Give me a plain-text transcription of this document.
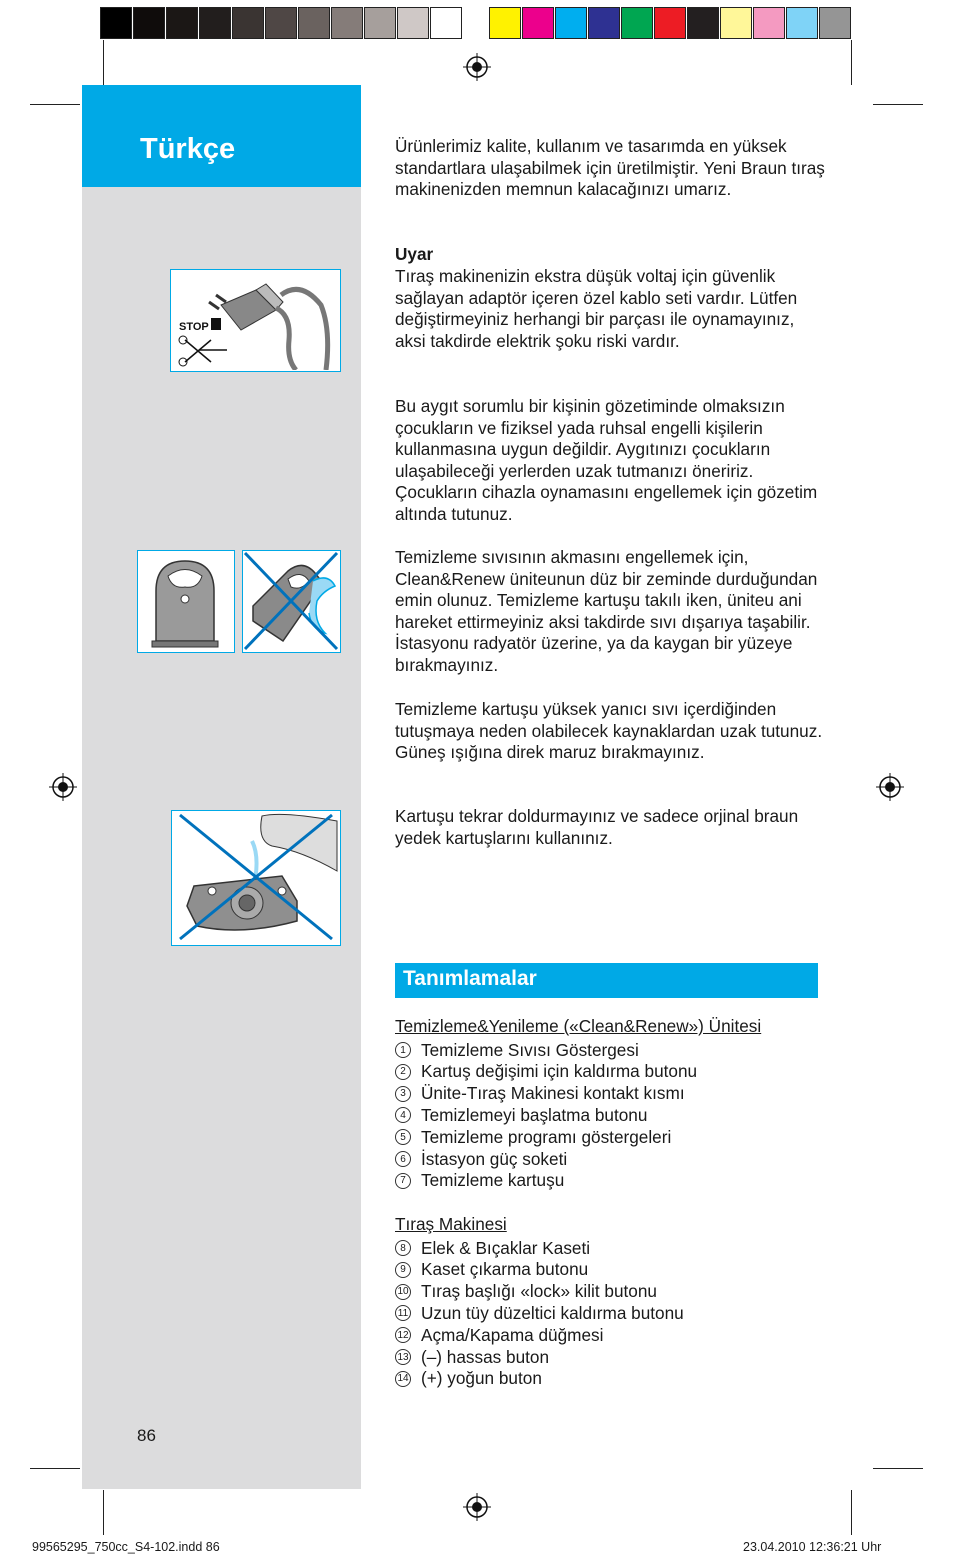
Türkçe
STOP

Ürünlerimiz kalite, kullanım ve tasarımda en yüksek standartlara ulaşabilmek için üretilmiştir. Yeni Braun tıraş makinenizden memnun kalacağınızı umarız.

Uyar
Tıraş makinenizin ekstra düşük voltaj için güvenlik sağlayan adaptör içeren özel kablo seti vardır. Lütfen değiştirmeyiniz herhangi bir parçası ile oynamayınız, aksi takdirde elektrik şoku riski vardır.
Bu aygıt sorumlu bir kişinin gözetiminde olmaksızın çocukların ve fiziksel yada ruhsal engelli kişilerin kullanmasına uygun değildir. Aygıtınızı çocukların ulaşabileceği yerlerden uzak tutmanızı öneririz. Çocukların cihazla oynamasını engellemek için gözetim altında tutunuz.
Temizleme sıvısının akmasını engellemek için, Clean&Renew üniteunun düz bir zeminde durduğundan emin olunuz. Temizleme kartuşu takılı iken, üniteu ani hareket ettirmeyiniz aksi takdirde sıvı dışarıya taşabilir. İstasyonu radyatör üzerine, ya da kaygan bir yüzeye bırakmayınız.
Temizleme kartuşu yüksek yanıcı sıvı içerdiğinden tutuşmaya neden olabilecek kaynaklardan uzak tutunuz. Güneş ışığına direk maruz bırakmayınız.
Kartuşu tekrar doldurmayınız ve sadece orjinal braun yedek kartuşlarını kullanınız.
Tanımlamalar
Temizleme&Yenileme («Clean&Renew») Ünitesi
1 Temizleme Sıvısı Göstergesi
2 Kartuş değişimi için kaldırma butonu
3 Ünite-Tıraş Makinesi kontakt kısmı
4 Temizlemeyi başlatma butonu
5 Temizleme programı göstergeleri
6 İstasyon güç soketi
7 Temizleme kartuşu
Tıraş Makinesi
8 Elek & Bıçaklar Kaseti
9 Kaset çıkarma butonu
10 Tıraş başlığı «lock» kilit butonu
11 Uzun tüy düzeltici kaldırma butonu
12 Açma/Kapama düğmesi
13 (–) hassas buton
14 (+) yoğun buton
86
99565295_750cc_S4-102.indd 86	23.04.2010 12:36:21 Uhr
